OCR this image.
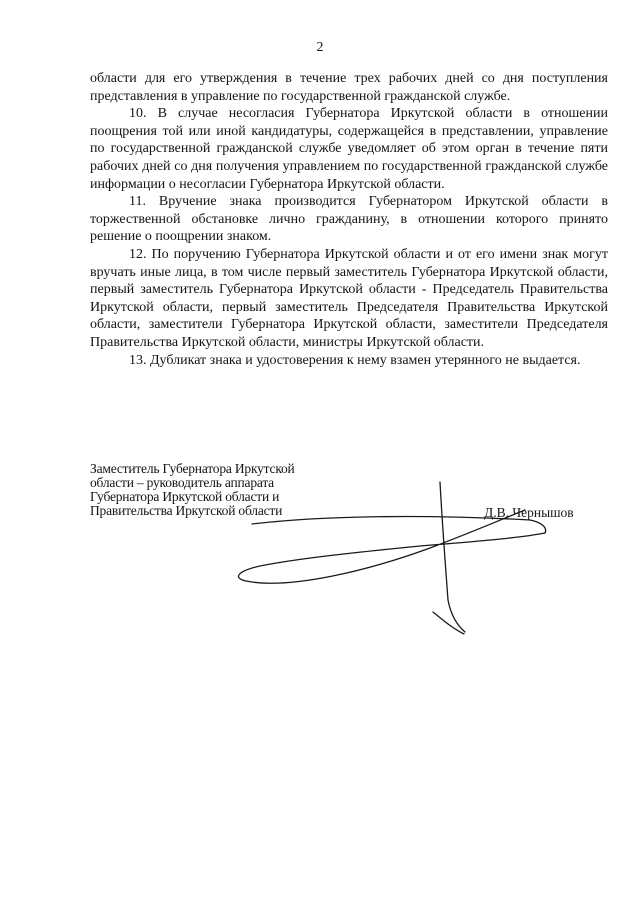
2

области для его утверждения в течение трех рабочих дней со дня поступления представления в управление по государственной гражданской службе.

10. В случае несогласия Губернатора Иркутской области в отношении поощрения той или иной кандидатуры, содержащейся в представлении, управление по государственной гражданской службе уведомляет об этом орган в течение пяти рабочих дней со дня получения управлением по государственной гражданской службе информации о несогласии Губернатора Иркутской области.

11. Вручение знака производится Губернатором Иркутской области в торжественной обстановке лично гражданину, в отношении которого принято решение о поощрении знаком.

12. По поручению Губернатора Иркутской области и от его имени знак могут вручать иные лица, в том числе первый заместитель Губернатора Иркутской области, первый заместитель Губернатора Иркутской области - Председатель Правительства Иркутской области, первый заместитель Председателя Правительства Иркутской области, заместители Губернатора Иркутской области, заместители Председателя Правительства Иркутской области, министры Иркутской области.

13. Дубликат знака и удостоверения к нему взамен утерянного не выдается.

Заместитель Губернатора Иркутской
области – руководитель аппарата
Губернатора Иркутской области и
Правительства Иркутской области	Д.В. Чернышов
